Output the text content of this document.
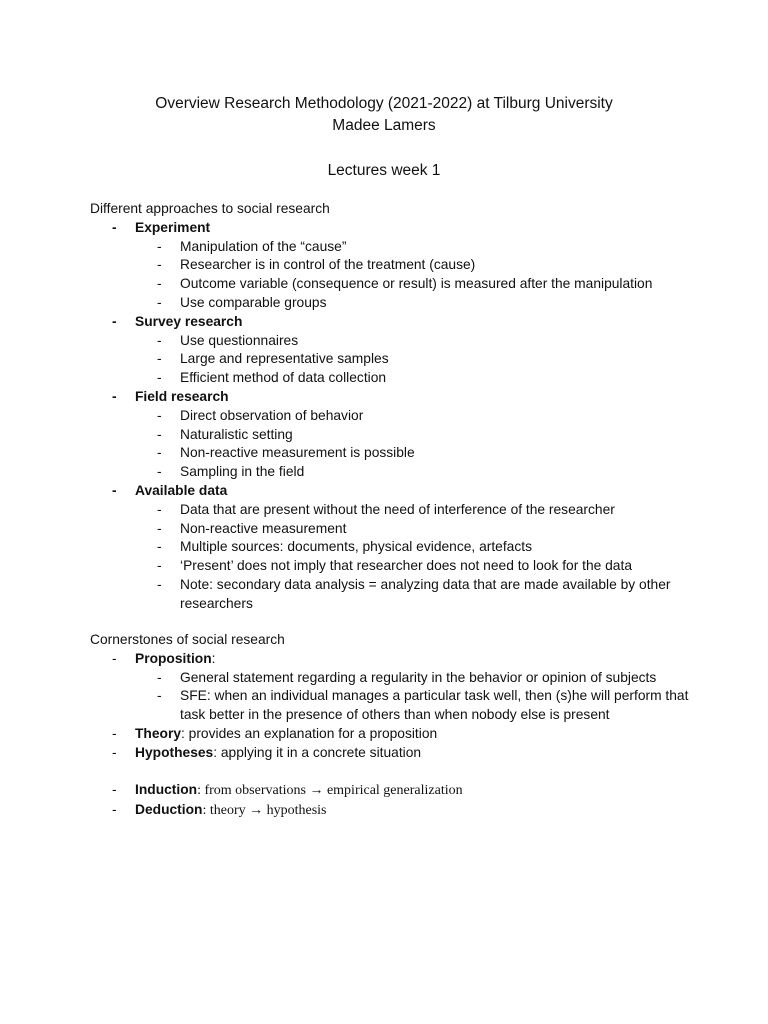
Overview Research Methodology (2021-2022) at Tilburg University
Madee Lamers
Lectures week 1
Different approaches to social research
- Experiment
- Manipulation of the “cause”
- Researcher is in control of the treatment (cause)
- Outcome variable (consequence or result) is measured after the manipulation
- Use comparable groups
- Survey research
- Use questionnaires
- Large and representative samples
- Efficient method of data collection
- Field research
- Direct observation of behavior
- Naturalistic setting
- Non-reactive measurement is possible
- Sampling in the field
- Available data
- Data that are present without the need of interference of the researcher
- Non-reactive measurement
- Multiple sources: documents, physical evidence, artefacts
- ‘Present’ does not imply that researcher does not need to look for the data
- Note: secondary data analysis = analyzing data that are made available by other researchers
Cornerstones of social research
- Proposition:
- General statement regarding a regularity in the behavior or opinion of subjects
- SFE: when an individual manages a particular task well, then (s)he will perform that task better in the presence of others than when nobody else is present
- Theory: provides an explanation for a proposition
- Hypotheses: applying it in a concrete situation
- Induction: from observations → empirical generalization
- Deduction: theory → hypothesis
